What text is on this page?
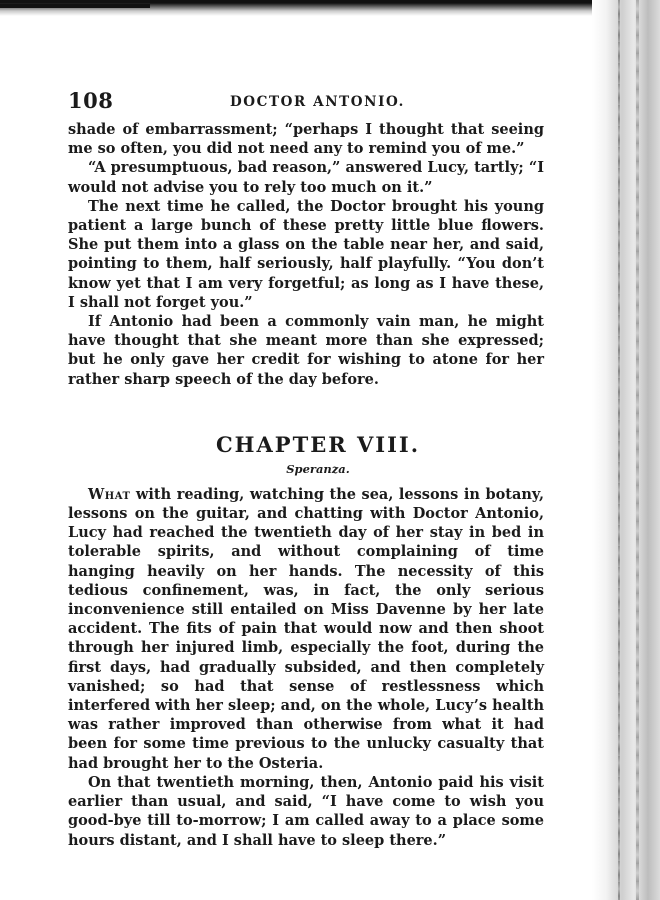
108	DOCTOR ANTONIO.

shade of embarrassment; “perhaps I thought that seeing me so often, you did not need any to remind you of me.”

“A presumptuous, bad reason,” answered Lucy, tartly; “I would not advise you to rely too much on it.”

The next time he called, the Doctor brought his young patient a large bunch of these pretty little blue flowers. She put them into a glass on the table near her, and said, pointing to them, half seriously, half playfully. “You don’t know yet that I am very forgetful; as long as I have these, I shall not forget you.”

If Antonio had been a commonly vain man, he might have thought that she meant more than she expressed; but he only gave her credit for wishing to atone for her rather sharp speech of the day before.

CHAPTER VIII.
Speranza.

What with reading, watching the sea, lessons in botany, lessons on the guitar, and chatting with Doctor Antonio, Lucy had reached the twentieth day of her stay in bed in tolerable spirits, and without complaining of time hanging heavily on her hands. The necessity of this tedious confinement, was, in fact, the only serious inconvenience still entailed on Miss Davenne by her late accident. The fits of pain that would now and then shoot through her injured limb, especially the foot, during the first days, had gradually subsided, and then completely vanished; so had that sense of restlessness which interfered with her sleep; and, on the whole, Lucy’s health was rather improved than otherwise from what it had been for some time previous to the unlucky casualty that had brought her to the Osteria.

On that twentieth morning, then, Antonio paid his visit earlier than usual, and said, “I have come to wish you good-bye till to-morrow; I am called away to a place some hours distant, and I shall have to sleep there.”
